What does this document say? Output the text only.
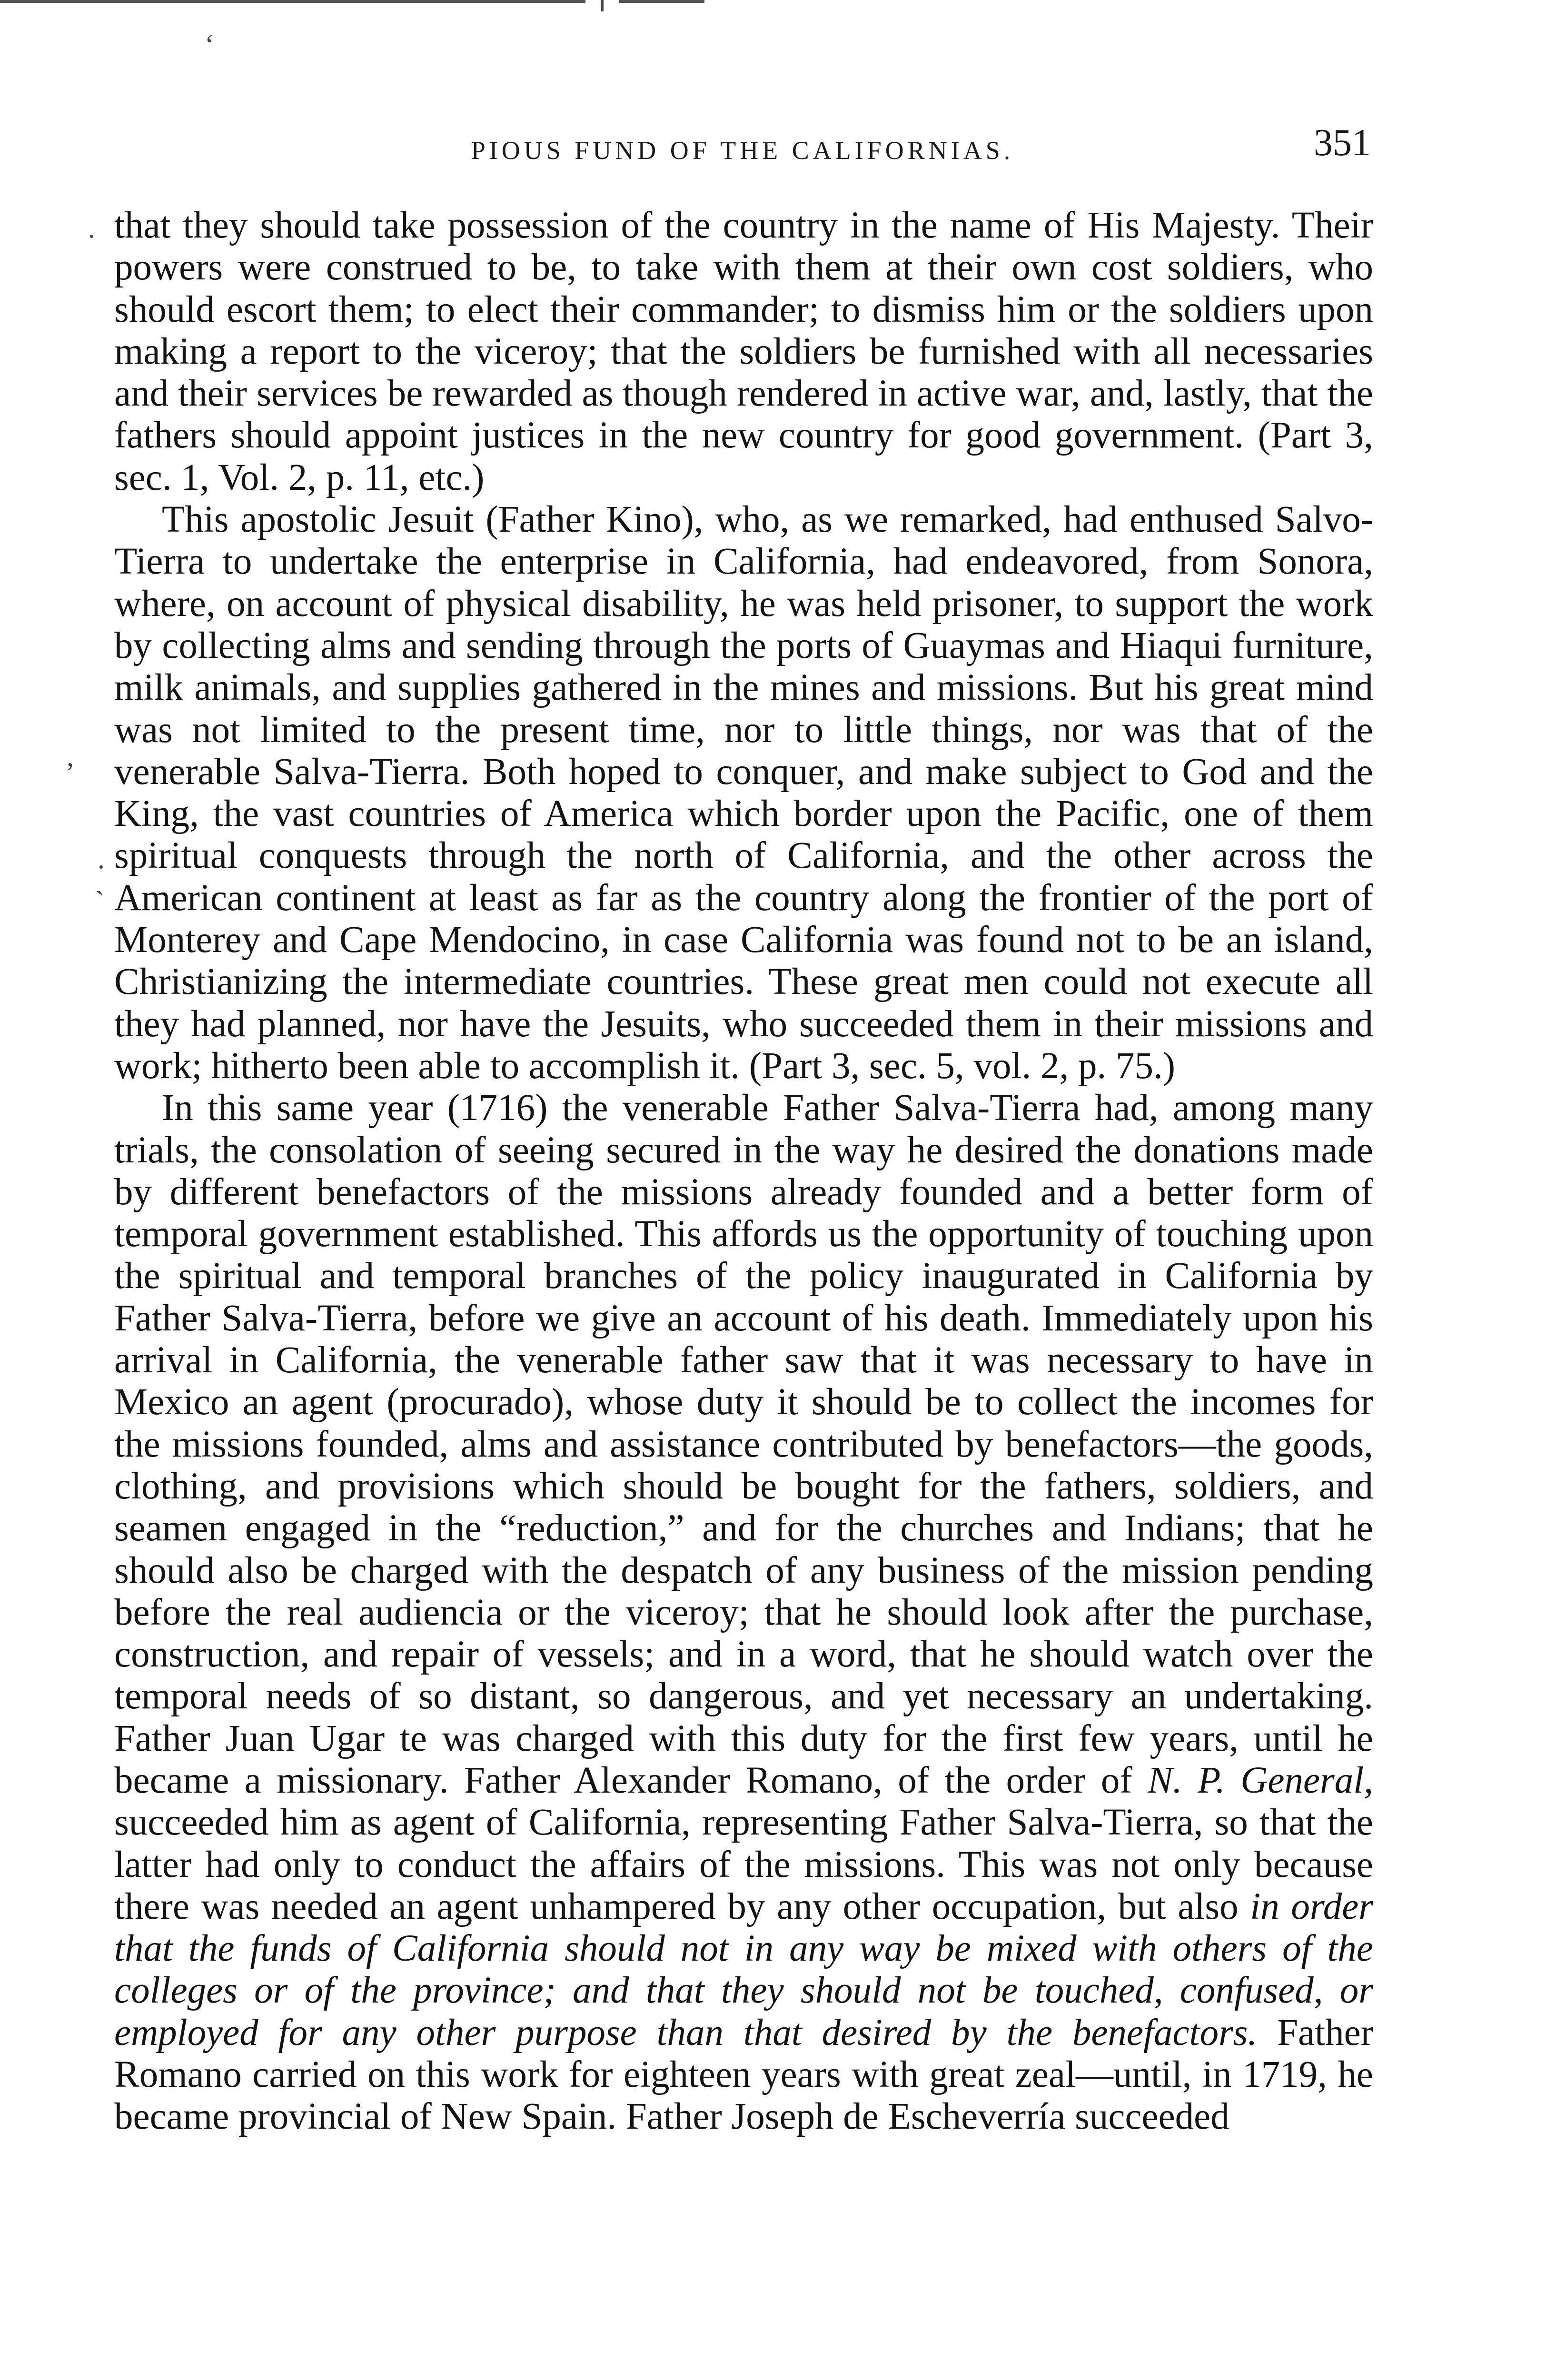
PIOUS FUND OF THE CALIFORNIAS.	351
‘
.
,
.
`

that they should take possession of the country in the name of His Majesty. Their powers were construed to be, to take with them at their own cost soldiers, who should escort them; to elect their commander; to dismiss him or the soldiers upon making a report to the viceroy; that the soldiers be furnished with all necessaries and their services be rewarded as though rendered in active war, and, lastly, that the fathers should appoint justices in the new country for good government. (Part 3, sec. 1, Vol. 2, p. 11, etc.)

This apostolic Jesuit (Father Kino), who, as we remarked, had enthused Salvo-Tierra to undertake the enterprise in California, had endeavored, from Sonora, where, on account of physical disability, he was held prisoner, to support the work by collecting alms and sending through the ports of Guaymas and Hiaqui furniture, milk animals, and supplies gathered in the mines and missions. But his great mind was not limited to the present time, nor to little things, nor was that of the venerable Salva-Tierra. Both hoped to conquer, and make subject to God and the King, the vast countries of America which border upon the Pacific, one of them spiritual conquests through the north of California, and the other across the American continent at least as far as the country along the frontier of the port of Monterey and Cape Mendocino, in case California was found not to be an island, Christianizing the intermediate countries. These great men could not execute all they had planned, nor have the Jesuits, who succeeded them in their missions and work; hitherto been able to accomplish it. (Part 3, sec. 5, vol. 2, p. 75.)

In this same year (1716) the venerable Father Salva-Tierra had, among many trials, the consolation of seeing secured in the way he desired the donations made by different benefactors of the missions already founded and a better form of temporal government established. This affords us the opportunity of touching upon the spiritual and temporal branches of the policy inaugurated in California by Father Salva-Tierra, before we give an account of his death. Immediately upon his arrival in California, the venerable father saw that it was necessary to have in Mexico an agent (procurado), whose duty it should be to collect the incomes for the missions founded, alms and assistance contributed by benefactors—the goods, clothing, and provisions which should be bought for the fathers, soldiers, and seamen engaged in the “reduction,” and for the churches and Indians; that he should also be charged with the despatch of any business of the mission pending before the real audiencia or the viceroy; that he should look after the purchase, construction, and repair of vessels; and in a word, that he should watch over the temporal needs of so distant, so dangerous, and yet necessary an undertaking. Father Juan Ugar te was charged with this duty for the first few years, until he became a missionary. Father Alexander Romano, of the order of N. P. General, succeeded him as agent of California, representing Father Salva-Tierra, so that the latter had only to conduct the affairs of the missions. This was not only because there was needed an agent unhampered by any other occupation, but also in order that the funds of California should not in any way be mixed with others of the colleges or of the province; and that they should not be touched, confused, or employed for any other purpose than that desired by the benefactors. Father Romano carried on this work for eighteen years with great zeal—until, in 1719, he became provincial of New Spain. Father Joseph de Escheverría succeeded
